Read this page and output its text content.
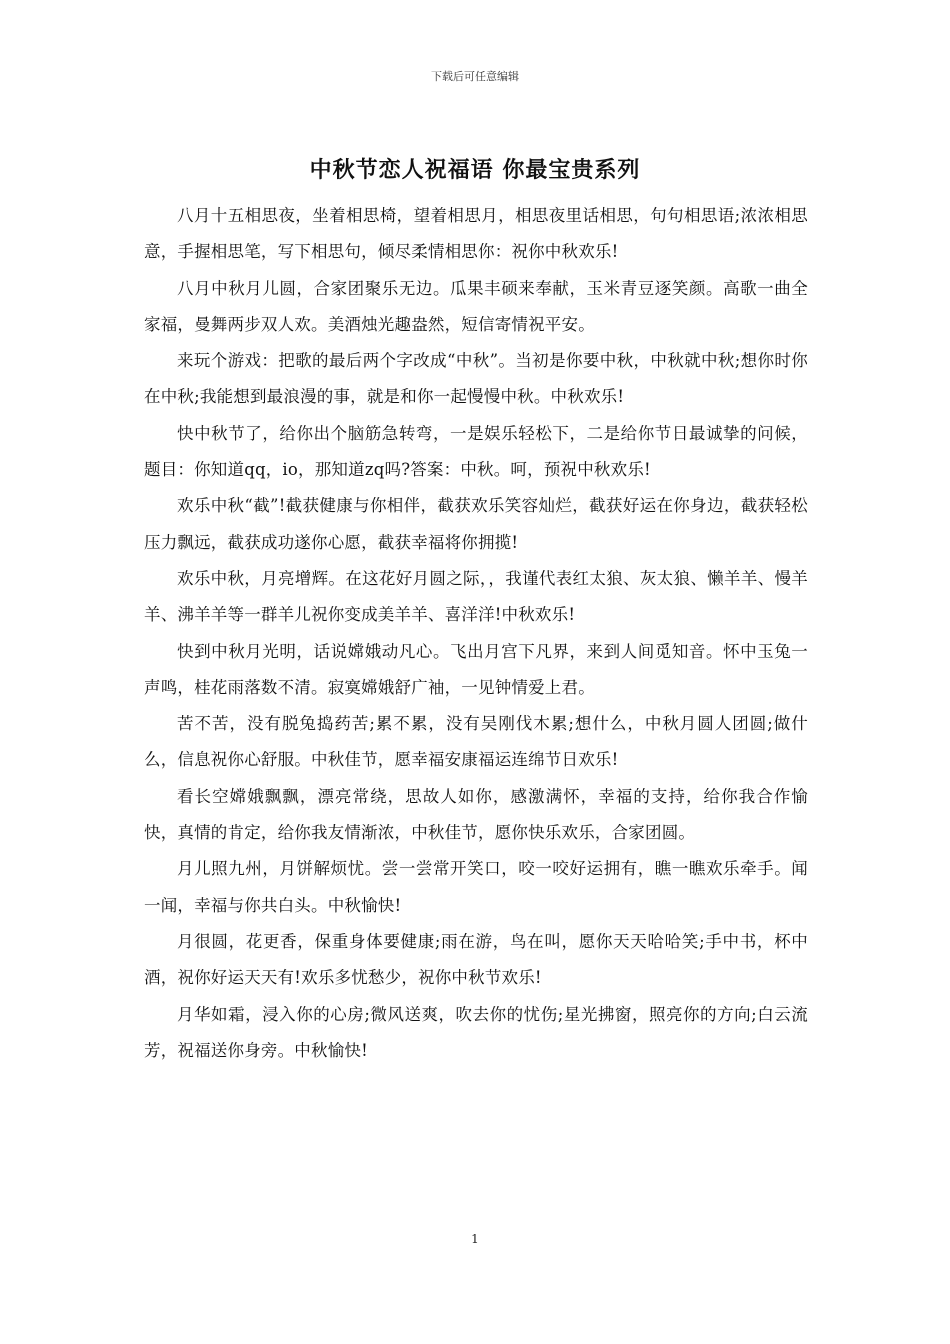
下载后可任意编辑
中秋节恋人祝福语 你最宝贵系列

八月十五相思夜，坐着相思椅，望着相思月，相思夜里话相思，句句相思语;浓浓相思意，手握相思笔，写下相思句，倾尽柔情相思你：祝你中秋欢乐!

八月中秋月儿圆，合家团聚乐无边。瓜果丰硕来奉献，玉米青豆逐笑颜。高歌一曲全家福，曼舞两步双人欢。美酒烛光趣盎然，短信寄情祝平安。

来玩个游戏：把歌的最后两个字改成“中秋”。当初是你要中秋，中秋就中秋;想你时你在中秋;我能想到最浪漫的事，就是和你一起慢慢中秋。中秋欢乐!

快中秋节了，给你出个脑筋急转弯，一是娱乐轻松下，二是给你节日最诚挚的问候，题目：你知道qq，io，那知道zq吗?答案：中秋。呵，预祝中秋欢乐!

欢乐中秋“截”!截获健康与你相伴，截获欢乐笑容灿烂，截获好运在你身边，截获轻松压力飘远，截获成功遂你心愿，截获幸福将你拥揽!

欢乐中秋，月亮增辉。在这花好月圆之际，，我谨代表红太狼、灰太狼、懒羊羊、慢羊羊、沸羊羊等一群羊儿祝你变成美羊羊、喜洋洋!中秋欢乐!

快到中秋月光明，话说嫦娥动凡心。飞出月宫下凡界，来到人间觅知音。怀中玉兔一声鸣，桂花雨落数不清。寂寞嫦娥舒广袖，一见钟情爱上君。

苦不苦，没有脱兔捣药苦;累不累，没有吴刚伐木累;想什么，中秋月圆人团圆;做什么，信息祝你心舒服。中秋佳节，愿幸福安康福运连绵节日欢乐!

看长空嫦娥飘飘，漂亮常绕，思故人如你，感激满怀，幸福的支持，给你我合作愉快，真情的肯定，给你我友情渐浓，中秋佳节，愿你快乐欢乐，合家团圆。

月儿照九州，月饼解烦忧。尝一尝常开笑口，咬一咬好运拥有，瞧一瞧欢乐牵手。闻一闻，幸福与你共白头。中秋愉快!

月很圆，花更香，保重身体要健康;雨在游，鸟在叫，愿你天天哈哈笑;手中书，杯中酒，祝你好运天天有!欢乐多忧愁少，祝你中秋节欢乐!

月华如霜，浸入你的心房;微风送爽，吹去你的忧伤;星光拂窗，照亮你的方向;白云流芳，祝福送你身旁。中秋愉快!

1
